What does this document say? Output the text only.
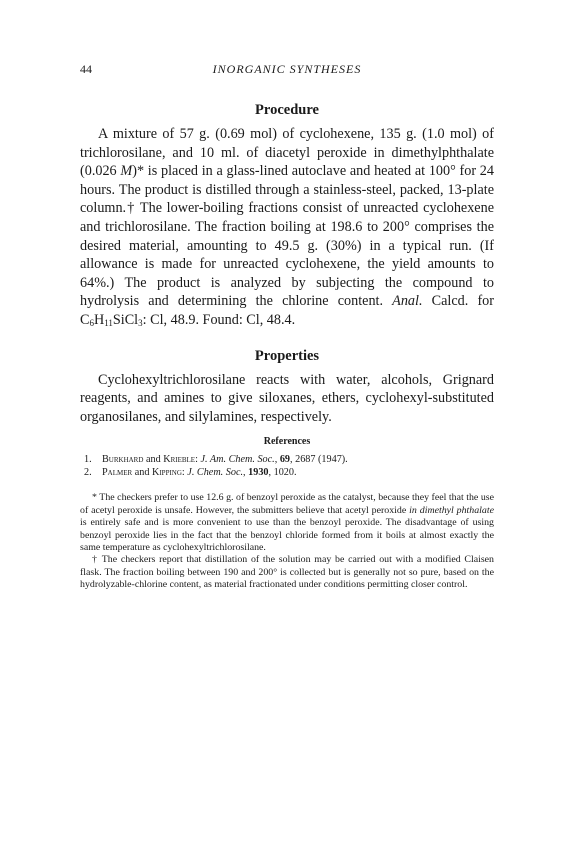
44	INORGANIC SYNTHESES
Procedure

A mixture of 57 g. (0.69 mol) of cyclohexene, 135 g. (1.0 mol) of trichlorosilane, and 10 ml. of diacetyl peroxide in dimethylphthalate (0.026 M)* is placed in a glass-lined autoclave and heated at 100° for 24 hours. The product is distilled through a stainless-steel, packed, 13-plate column.† The lower-boiling fractions consist of unreacted cyclohexene and trichlorosilane. The fraction boiling at 198.6 to 200° comprises the desired material, amounting to 49.5 g. (30%) in a typical run. (If allowance is made for unreacted cyclohexene, the yield amounts to 64%.) The product is analyzed by subjecting the compound to hydrolysis and determining the chlorine content. Anal. Calcd. for $C_6H_{11}SiCl_3$: Cl, 48.9. Found: Cl, 48.4.

Properties

Cyclohexyltrichlorosilane reacts with water, alcohols, Grignard reagents, and amines to give siloxanes, ethers, cyclohexyl-substituted organosilanes, and silylamines, respectively.

References
1.	Burkhard and Krieble: J. Am. Chem. Soc., 69, 2687 (1947).
2.	Palmer and Kipping: J. Chem. Soc., 1930, 1020.

* The checkers prefer to use 12.6 g. of benzoyl peroxide as the catalyst, because they feel that the use of acetyl peroxide is unsafe. However, the submitters believe that acetyl peroxide in dimethyl phthalate is entirely safe and is more convenient to use than the benzoyl peroxide. The disadvantage of using benzoyl peroxide lies in the fact that the benzoyl chloride formed from it boils at almost exactly the same temperature as cyclohexyltrichlorosilane.

† The checkers report that distillation of the solution may be carried out with a modified Claisen flask. The fraction boiling between 190 and 200° is collected but is generally not so pure, based on the hydrolyzable-chlorine content, as material fractionated under conditions permitting closer control.
